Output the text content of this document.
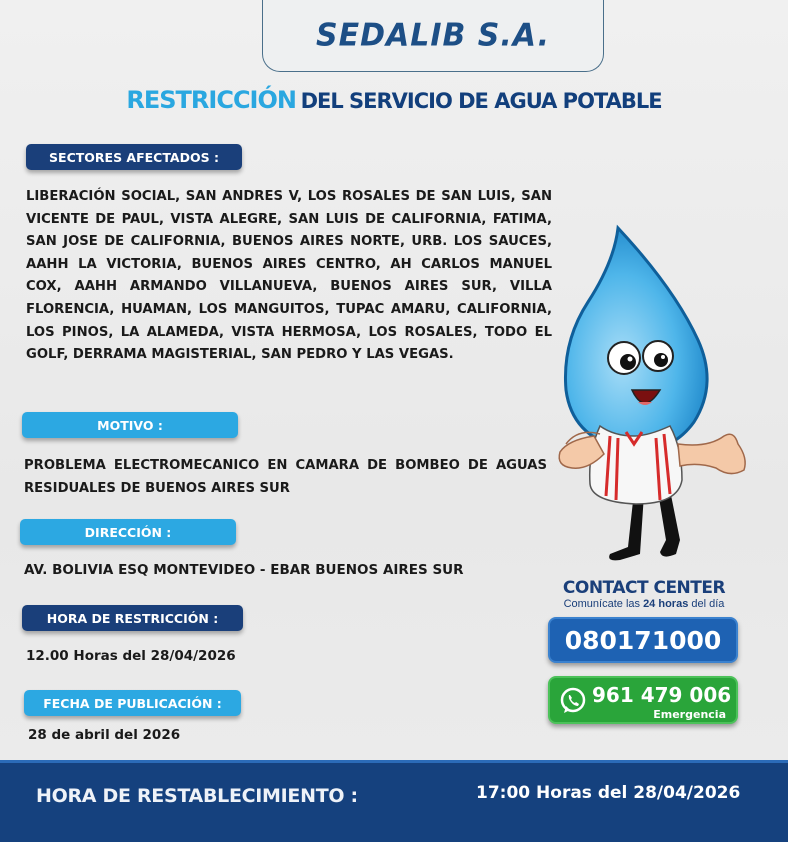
SEDALIB S.A.
RESTRICCIÓN DEL SERVICIO DE AGUA POTABLE
SECTORES AFECTADOS :
LIBERACIÓN SOCIAL, SAN ANDRES V, LOS ROSALES DE SAN LUIS, SAN VICENTE DE PAUL, VISTA ALEGRE, SAN LUIS DE CALIFORNIA, FATIMA, SAN JOSE DE CALIFORNIA, BUENOS AIRES NORTE, URB. LOS SAUCES, AAHH LA VICTORIA, BUENOS AIRES CENTRO, AH CARLOS MANUEL COX, AAHH ARMANDO VILLANUEVA, BUENOS AIRES SUR, VILLA FLORENCIA, HUAMAN, LOS MANGUITOS, TUPAC AMARU, CALIFORNIA, LOS PINOS, LA ALAMEDA, VISTA HERMOSA, LOS ROSALES, TODO EL GOLF, DERRAMA MAGISTERIAL, SAN PEDRO Y LAS VEGAS.
MOTIVO :
PROBLEMA ELECTROMECANICO EN CAMARA DE BOMBEO DE AGUAS RESIDUALES DE BUENOS AIRES SUR
DIRECCIÓN :
AV. BOLIVIA ESQ MONTEVIDEO - EBAR BUENOS AIRES SUR
HORA DE RESTRICCIÓN :
12.00 Horas del 28/04/2026
FECHA DE PUBLICACIÓN :
28 de abril del 2026
CONTACT CENTER
Comunícate las 24 horas del día
080171000
961 479 006
Emergencia
HORA DE RESTABLECIMIENTO :	17:00 Horas del 28/04/2026
